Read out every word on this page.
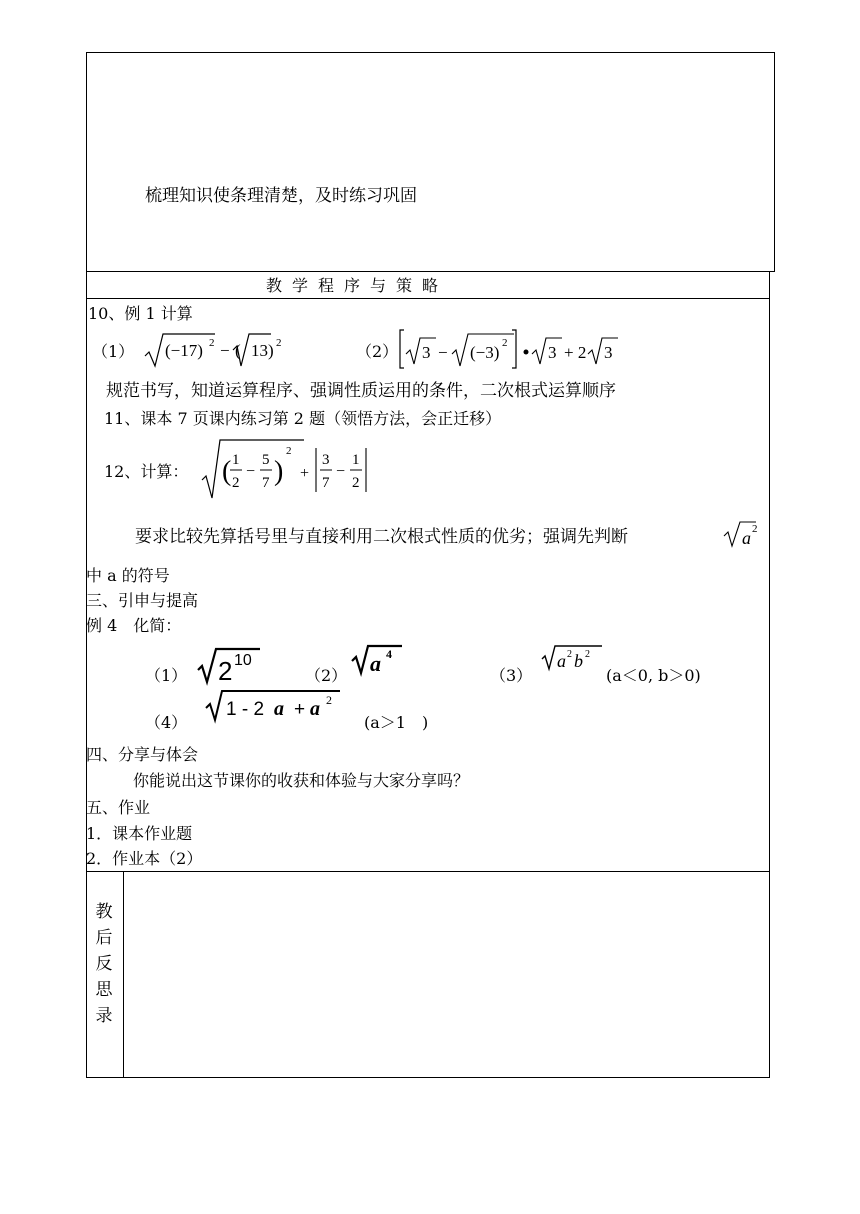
梳理知识使条理清楚，及时练习巩固
教学程序与策略
10、例 1 计算
（1） (−17) 2 − ( 13) 2	（2） 3 − (−3) 2 3 + 2 3
规范书写，知道运算程序、强调性质运用的条件，二次根式运算顺序
11、课本 7 页课内练习第 2 题（领悟方法，会正迁移）
12、计算： ( 1
2
−
5
7 )
2
+
3
7
−
1
2
要求比较先算括号里与直接利用二次根式性质的优劣；强调先判断	a 2
中 a 的符号
三、引申与提高
例 4　化简：
（1） 2 10
（2） a 4
（3）
a 2 b 2
(a＜0, b＞0)
（4）
1 - 2 a + a 2
(a＞1　)
四、分享与体会
你能说出这节课你的收获和体验与大家分享吗？
五、作业
1．课本作业题
2．作业本（2）
教
后
反
思
录
